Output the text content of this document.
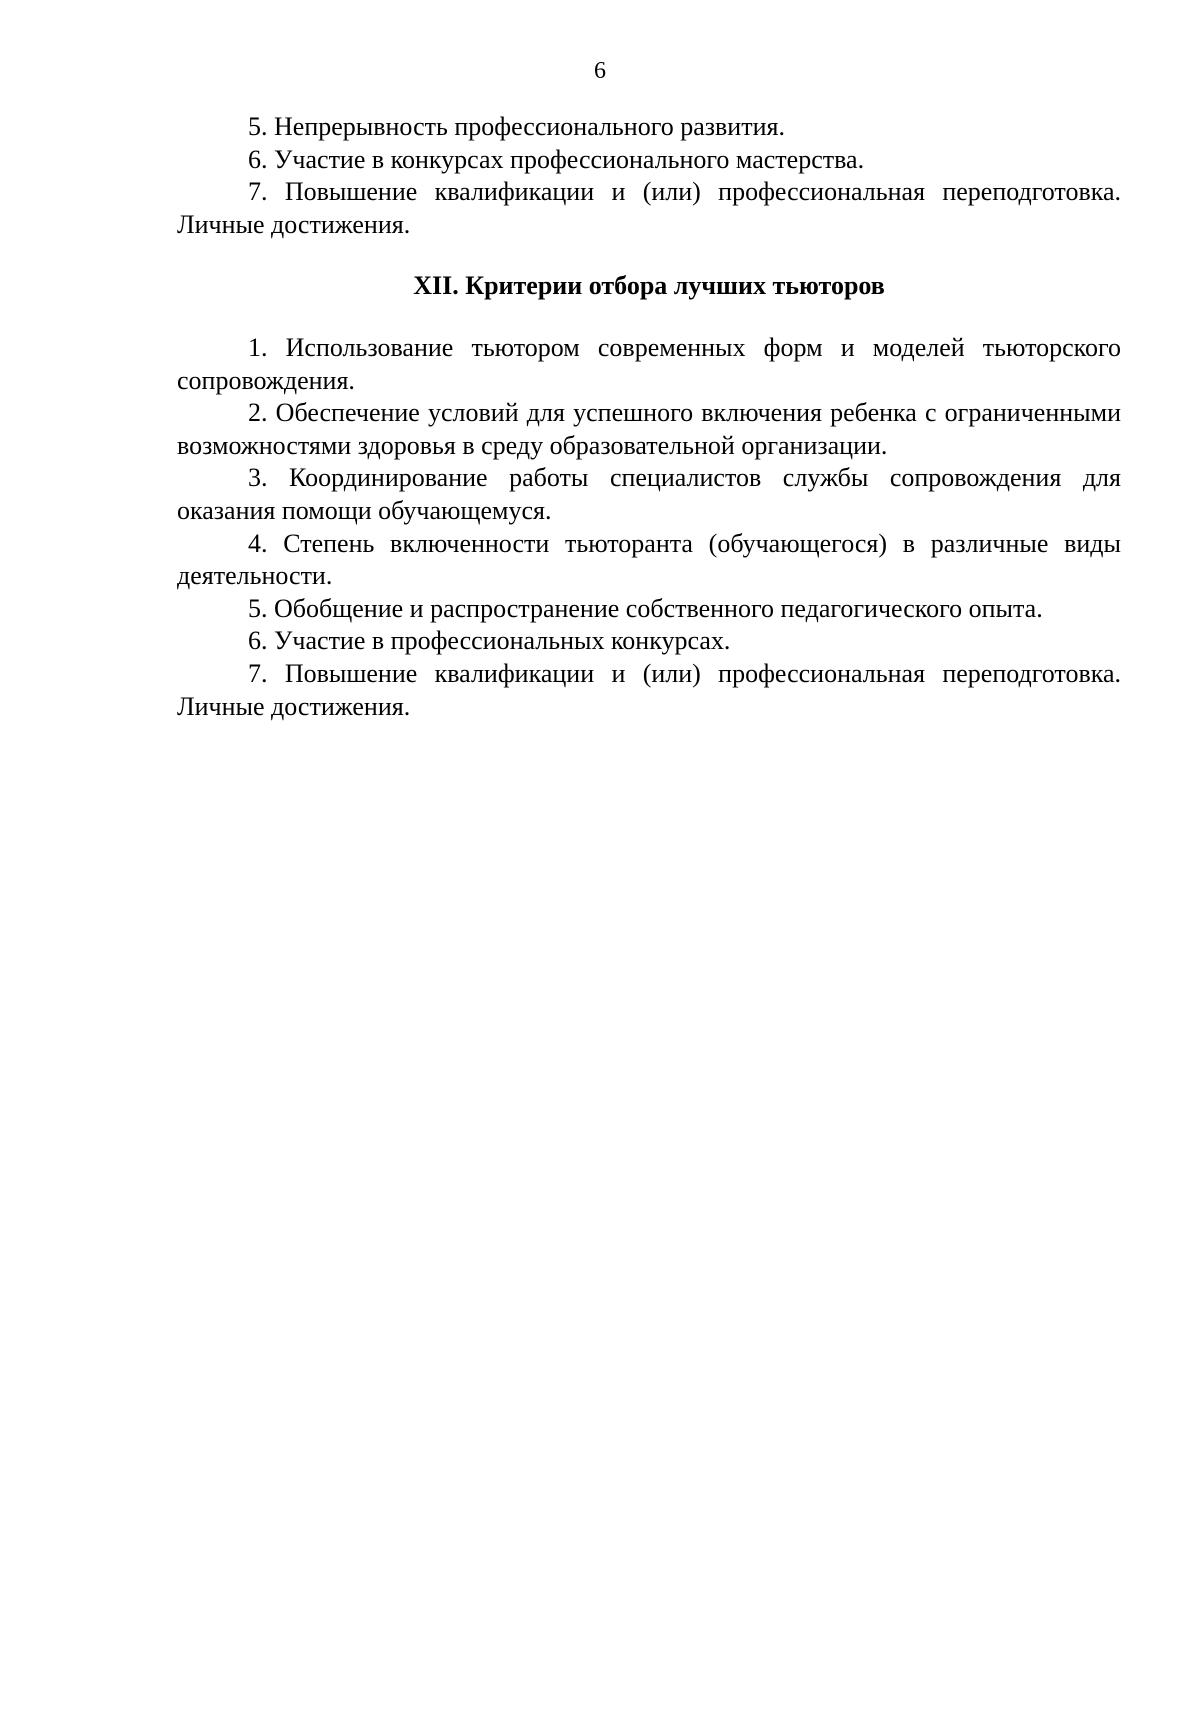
6

5. Непрерывность профессионального развития.

6. Участие в конкурсах профессионального мастерства.

7. Повышение квалификации и (или) профессиональная переподготовка. Личные достижения.

XII. Критерии отбора лучших тьюторов

1. Использование тьютором современных форм и моделей тьюторского сопровождения.

2. Обеспечение условий для успешного включения ребенка с ограниченными возможностями здоровья в среду образовательной организации.

3. Координирование работы специалистов службы сопровождения для оказания помощи обучающемуся.

4. Степень включенности тьюторанта (обучающегося) в различные виды деятельности.

5. Обобщение и распространение собственного педагогического опыта.

6. Участие в профессиональных конкурсах.

7. Повышение квалификации и (или) профессиональная переподготовка. Личные достижения.
